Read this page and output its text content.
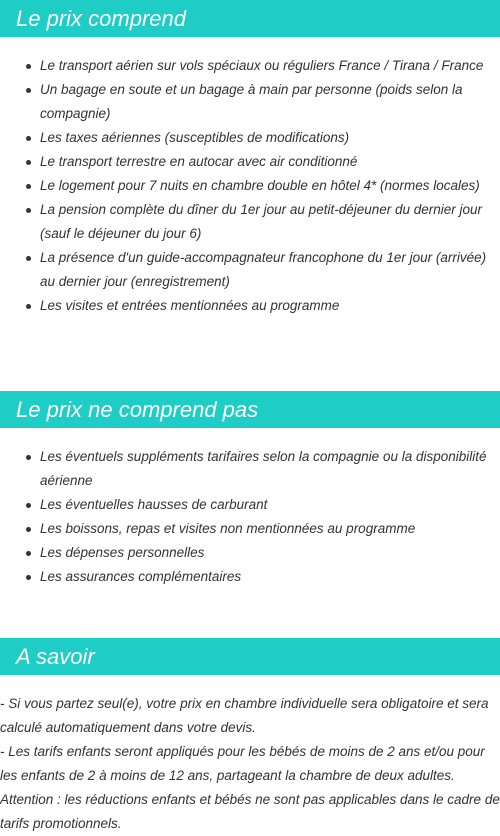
Le prix comprend
Le transport aérien sur vols spéciaux ou réguliers France / Tirana / France
Un bagage en soute et un bagage à main par personne (poids selon la compagnie)
Les taxes aériennes (susceptibles de modifications)
Le transport terrestre en autocar avec air conditionné
Le logement pour 7 nuits en chambre double en hôtel 4* (normes locales)
La pension complète du dîner du 1er jour au petit-déjeuner du dernier jour (sauf le déjeuner du jour 6)
La présence d'un guide-accompagnateur francophone du 1er jour (arrivée) au dernier jour (enregistrement)
Les visites et entrées mentionnées au programme
Le prix ne comprend pas
Les éventuels suppléments tarifaires selon la compagnie ou la disponibilité aérienne
Les éventuelles hausses de carburant
Les boissons, repas et visites non mentionnées au programme
Les dépenses personnelles
Les assurances complémentaires
A savoir

- Si vous partez seul(e), votre prix en chambre individuelle sera obligatoire et sera calculé automatiquement dans votre devis.

- Les tarifs enfants seront appliqués pour les bébés de moins de 2 ans et/ou pour les enfants de 2 à moins de 12 ans, partageant la chambre de deux adultes.

Attention : les réductions enfants et bébés ne sont pas applicables dans le cadre de tarifs promotionnels.
